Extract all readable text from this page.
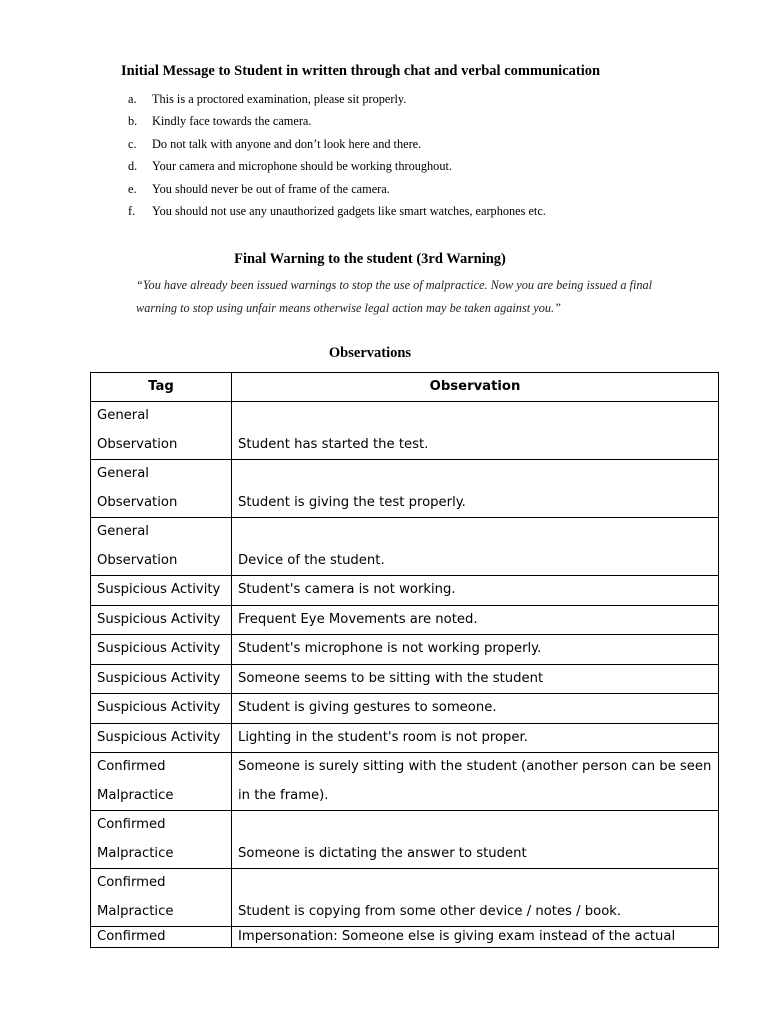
Initial Message to Student in written through chat and verbal communication
a. This is a proctored examination, please sit properly.
b. Kindly face towards the camera.
c. Do not talk with anyone and don’t look here and there.
d. Your camera and microphone should be working throughout.
e. You should never be out of frame of the camera.
f. You should not use any unauthorized gadgets like smart watches, earphones etc.
Final Warning to the student (3rd Warning)
“You have already been issued warnings to stop the use of malpractice. Now you are being issued a final warning to stop using unfair means otherwise legal action may be taken against you.”
Observations
Tag	Observation
General Observation	Student has started the test.
General Observation	Student is giving the test properly.
General Observation	Device of the student.
Suspicious Activity	Student's camera is not working.
Suspicious Activity	Frequent Eye Movements are noted.
Suspicious Activity	Student's microphone is not working properly.
Suspicious Activity	Someone seems to be sitting with the student
Suspicious Activity	Student is giving gestures to someone.
Suspicious Activity	Lighting in the student's room is not proper.
Confirmed Malpractice	Someone is surely sitting with the student (another person can be seen in the frame).
Confirmed Malpractice	Someone is dictating the answer to student
Confirmed Malpractice	Student is copying from some other device / notes / book.
Confirmed	Impersonation: Someone else is giving exam instead of the actual
